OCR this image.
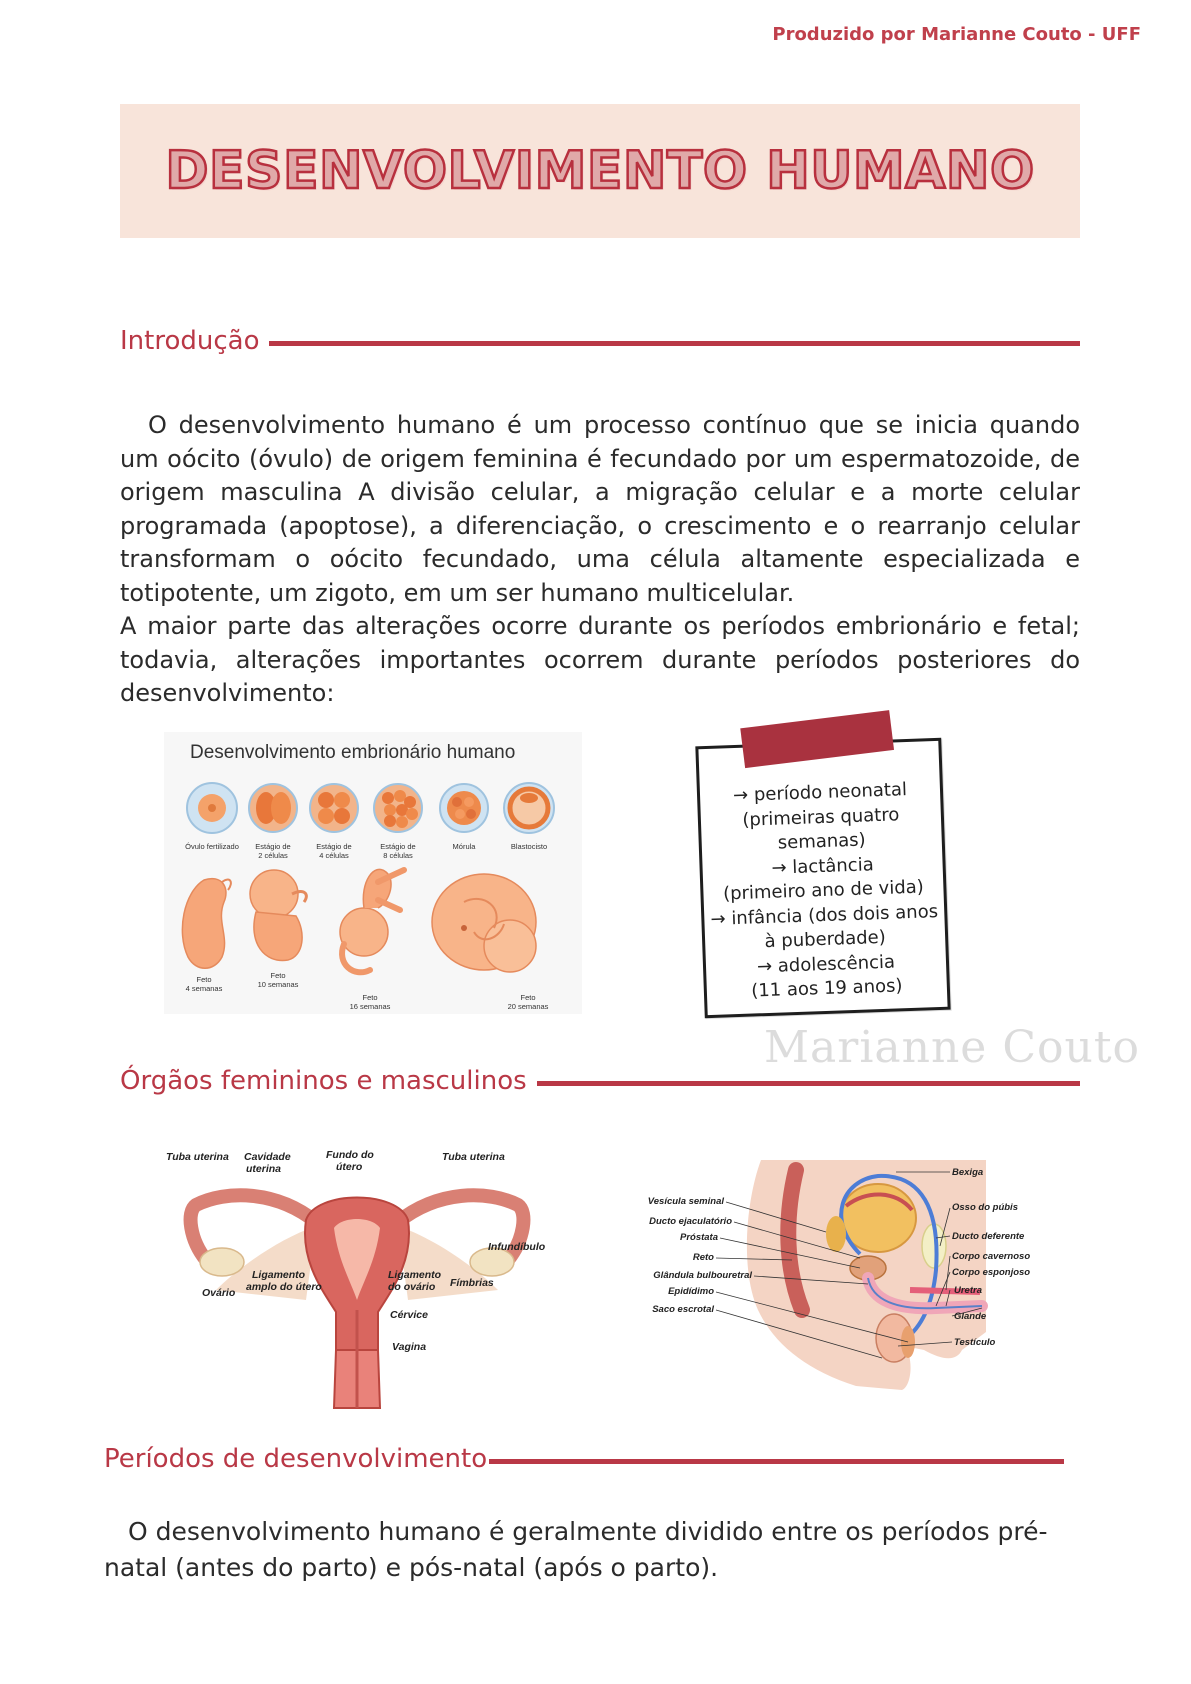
Produzido por Marianne Couto - UFF
DESENVOLVIMENTO HUMANO
Introdução

O desenvolvimento humano é um processo contínuo que se inicia quando um oócito (óvulo) de origem feminina é fecundado por um espermatozoide, de origem masculina A divisão celular, a migração celular e a morte celular programada (apoptose), a diferenciação, o crescimento e o rearranjo celular transformam o oócito fecundado, uma célula altamente especializada e totipotente, um zigoto, em um ser humano multicelular.

A maior parte das alterações ocorre durante os períodos embrionário e fetal; todavia, alterações importantes ocorrem durante períodos posteriores do desenvolvimento:

Desenvolvimento embrionário humano
Óvulo fertilizado Estágio de
2 células
Estágio de
4 células
Estágio de
8 células
Mórula	Blastocisto
Feto
4 semanas
Feto
10 semanas
Feto
16 semanas
Feto
20 semanas
→ período neonatal
(primeiras quatro
semanas)
→ lactância
(primeiro ano de vida)
→ infância (dos dois anos
à puberdade)
→ adolescência
(11 aos 19 anos)
Marianne Couto
Órgãos femininos e masculinos
Tuba uterina Cavidade
uterina
Fundo do
útero
Tuba uterina
Infundíbulo
Ligamento
amplo do útero
Ligamento
do ovário Fímbrias
Ovário
Cérvice
Vagina
Vesícula seminal
Ducto ejaculatório
Próstata
Reto
Glândula bulbouretral
Epidídimo
Saco escrotal
Bexiga
Osso do púbis
Ducto deferente
Corpo cavernoso
Corpo esponjoso
Uretra
Glande
Testículo
Períodos de desenvolvimento

O desenvolvimento humano é geralmente dividido entre os períodos pré-natal (antes do parto) e pós-natal (após o parto).
